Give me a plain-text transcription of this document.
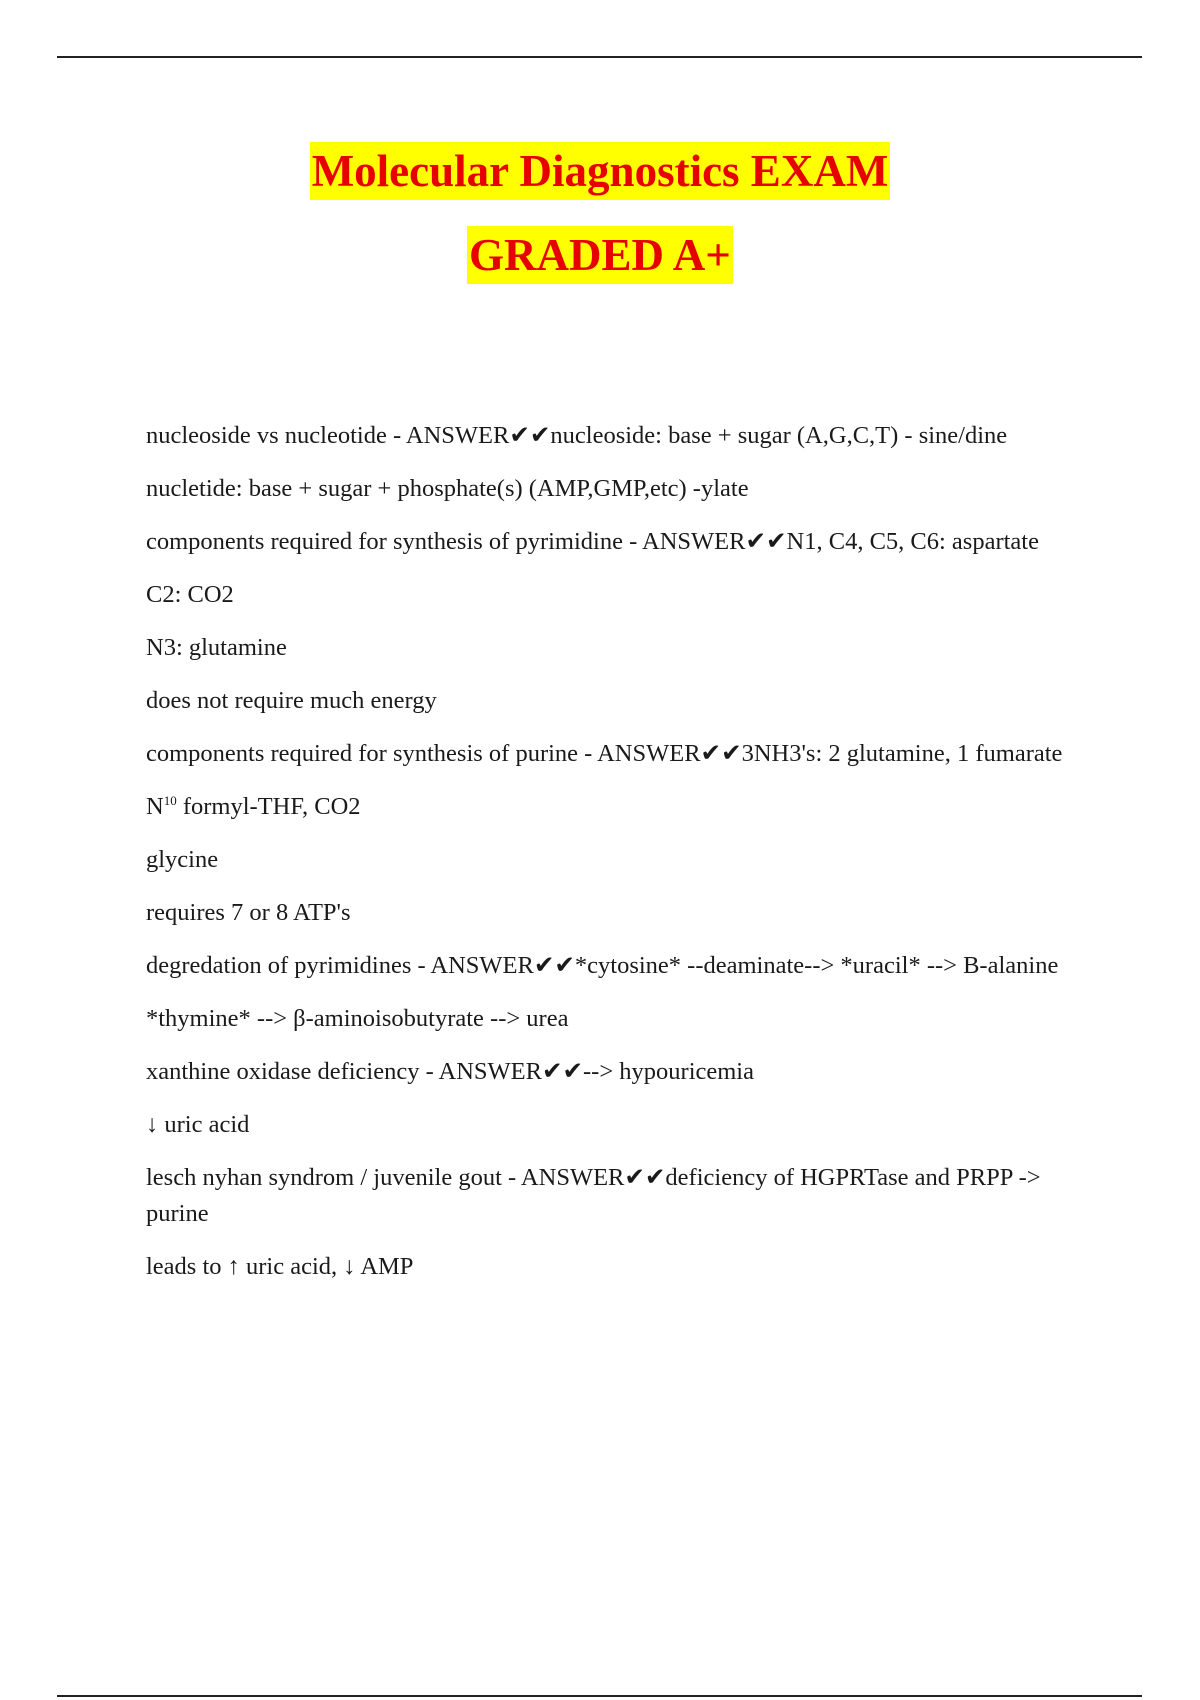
Molecular Diagnostics EXAM
GRADED A+

nucleoside vs nucleotide - ANSWER✔✔nucleoside: base + sugar (A,G,C,T) - sine/dine

nucletide: base + sugar + phosphate(s) (AMP,GMP,etc) -ylate

components required for synthesis of pyrimidine - ANSWER✔✔N1, C4, C5, C6: aspartate

C2: CO2

N3: glutamine

does not require much energy

components required for synthesis of purine - ANSWER✔✔3NH3's: 2 glutamine, 1 fumarate

$N^{10}$ formyl-THF, CO2

glycine

requires 7 or 8 ATP's

degredation of pyrimidines - ANSWER✔✔*cytosine* --deaminate--> *uracil* --> B-alanine

*thymine* --> β-aminoisobutyrate --> urea

xanthine oxidase deficiency - ANSWER✔✔--> hypouricemia

↓ uric acid

lesch nyhan syndrom / juvenile gout - ANSWER✔✔deficiency of HGPRTase and PRPP -> purine

leads to ↑ uric acid, ↓ AMP
